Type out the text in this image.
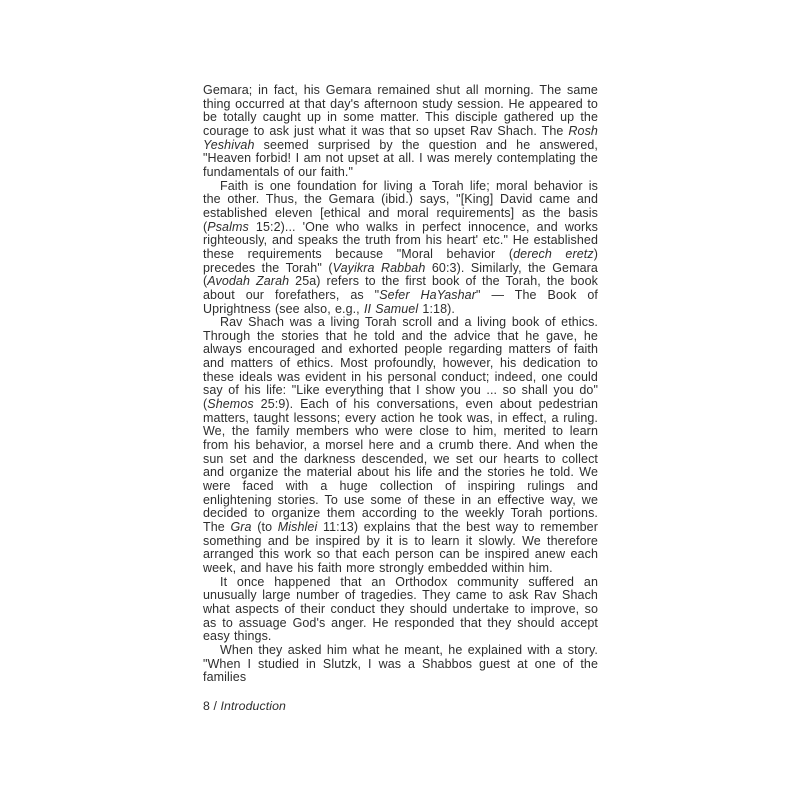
Gemara; in fact, his Gemara remained shut all morning. The same thing occurred at that day's afternoon study session. He appeared to be totally caught up in some matter. This disciple gathered up the courage to ask just what it was that so upset Rav Shach. The Rosh Yeshivah seemed surprised by the question and he answered, "Heaven forbid! I am not upset at all. I was merely contemplating the fundamentals of our faith."

Faith is one foundation for living a Torah life; moral behavior is the other. Thus, the Gemara (ibid.) says, "[King] David came and established eleven [ethical and moral requirements] as the basis (Psalms 15:2)... 'One who walks in perfect innocence, and works righteously, and speaks the truth from his heart' etc." He established these requirements because "Moral behavior (derech eretz) precedes the Torah" (Vayikra Rabbah 60:3). Similarly, the Gemara (Avodah Zarah 25a) refers to the first book of the Torah, the book about our forefathers, as "Sefer HaYashar" — The Book of Uprightness (see also, e.g., II Samuel 1:18).

Rav Shach was a living Torah scroll and a living book of ethics. Through the stories that he told and the advice that he gave, he always encouraged and exhorted people regarding matters of faith and matters of ethics. Most profoundly, however, his dedication to these ideals was evident in his personal conduct; indeed, one could say of his life: "Like everything that I show you ... so shall you do" (Shemos 25:9). Each of his conversations, even about pedestrian matters, taught lessons; every action he took was, in effect, a ruling. We, the family members who were close to him, merited to learn from his behavior, a morsel here and a crumb there. And when the sun set and the darkness descended, we set our hearts to collect and organize the material about his life and the stories he told. We were faced with a huge collection of inspiring rulings and enlightening stories. To use some of these in an effective way, we decided to organize them according to the weekly Torah portions. The Gra (to Mishlei 11:13) explains that the best way to remember something and be inspired by it is to learn it slowly. We therefore arranged this work so that each person can be inspired anew each week, and have his faith more strongly embedded within him.

It once happened that an Orthodox community suffered an unusually large number of tragedies. They came to ask Rav Shach what aspects of their conduct they should undertake to improve, so as to assuage God's anger. He responded that they should accept easy things.

When they asked him what he meant, he explained with a story. "When I studied in Slutzk, I was a Shabbos guest at one of the families

8 / Introduction
